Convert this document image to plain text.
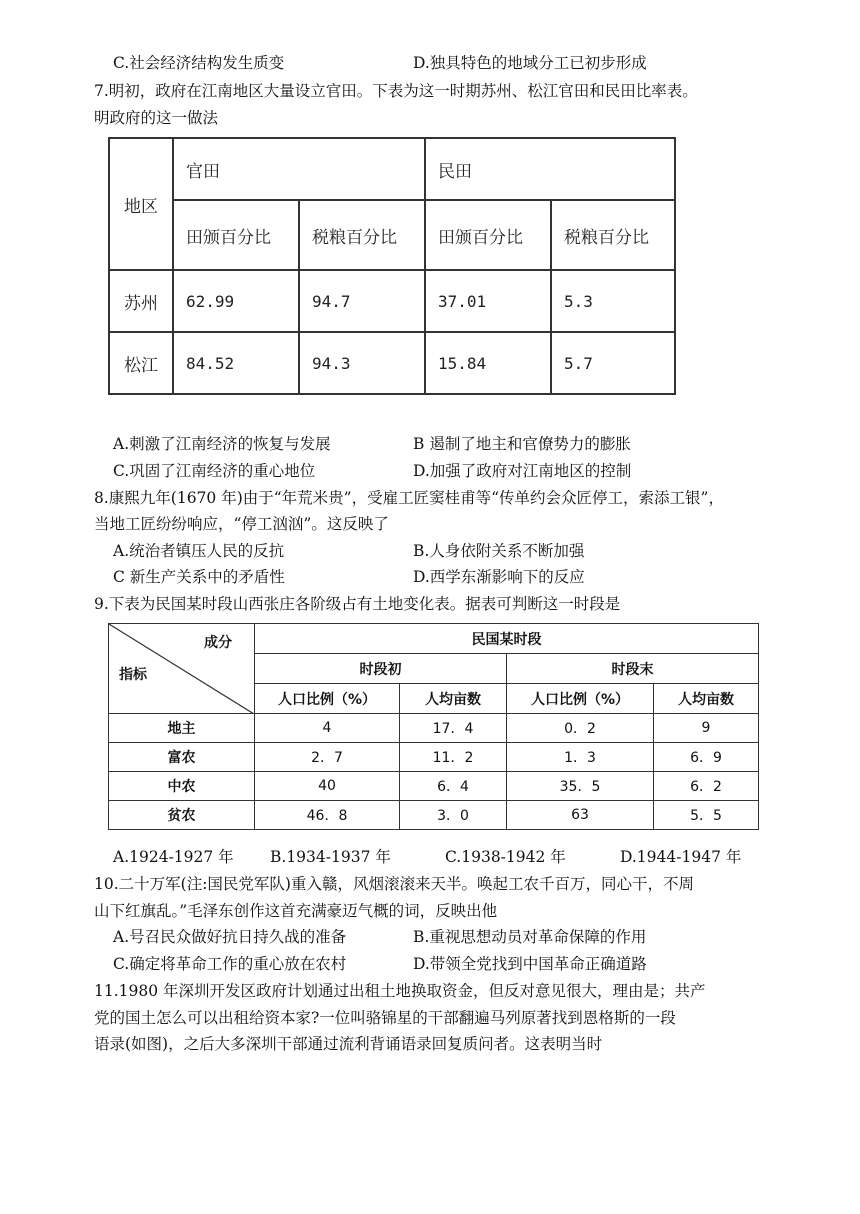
C.社会经济结构发生质变	D.独具特色的地域分工已初步形成
7.明初，政府在江南地区大量设立官田。下表为这一时期苏州、松江官田和民田比率表。
明政府的这一做法
地区	官田		民田	
	田颁百分比	税粮百分比	田颁百分比	税粮百分比
苏州	62.99	94.7	37.01	5.3
松江	84.52	94.3	15.84	5.7
A.刺激了江南经济的恢复与发展	B 遏制了地主和官僚势力的膨胀
C.巩固了江南经济的重心地位	D.加强了政府对江南地区的控制
8.康熙九年(1670 年)由于“年荒米贵”，受雇工匠窦桂甫等“传单约会众匠停工，索添工银”，
当地工匠纷纷响应，“停工汹汹”。这反映了
A.统治者镇压人民的反抗	B.人身依附关系不断加强
C 新生产关系中的矛盾性	D.西学东渐影响下的反应
9.下表为民国某时段山西张庄各阶级占有土地变化表。据表可判断这一时段是
成分
指标	民国某时段			
	时段初		时段末	
	人口比例（%）	人均亩数	人口比例（%）	人均亩数
地主	4	17．4	0．2	9
富农	2．7	11．2	1．3	6．9
中农	40	6．4	35．5	6．2
贫农	46．8	3．0	63	5．5
A.1924-1927 年 B.1934-1937 年	C.1938-1942 年	D.1944-1947 年
10.二十万军(注:国民党军队)重入赣，风烟滚滚来天半。唤起工农千百万，同心干，不周
山下红旗乱。”毛泽东创作这首充满豪迈气概的词，反映出他
A.号召民众做好抗日持久战的准备	B.重视思想动员对革命保障的作用
C.确定将革命工作的重心放在农村	D.带领全党找到中国革命正确道路
11.1980 年深圳开发区政府计划通过出租土地换取资金，但反对意见很大，理由是；共产
党的国土怎么可以出租给资本家?一位叫骆锦星的干部翻遍马列原著找到恩格斯的一段
语录(如图)，之后大多深圳干部通过流利背诵语录回复质问者。这表明当时
